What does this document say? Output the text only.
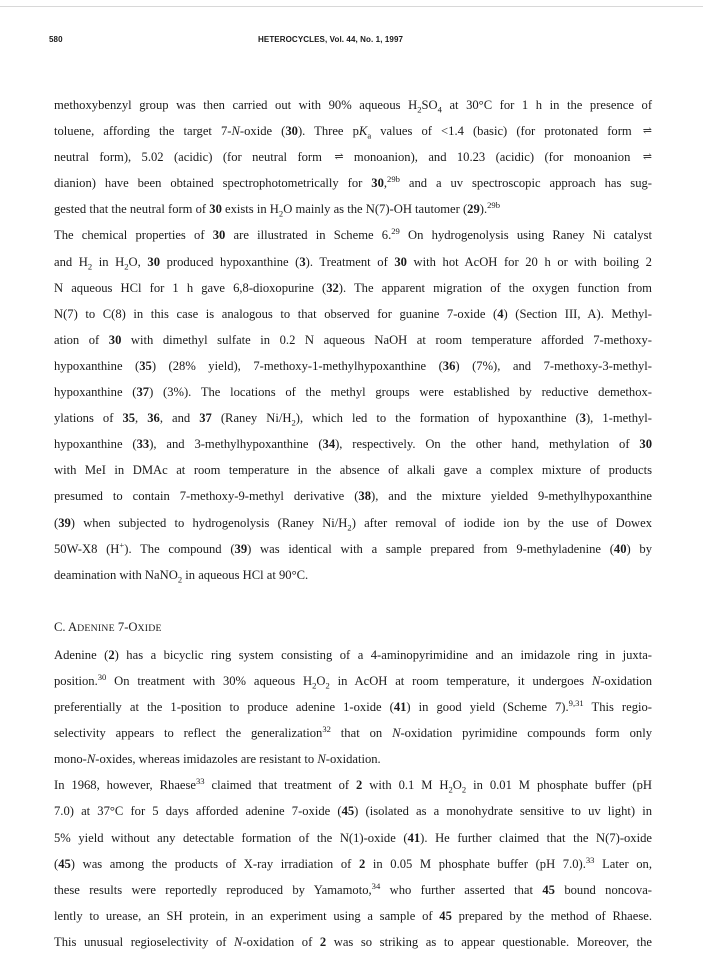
580	HETEROCYCLES, Vol. 44, No. 1, 1997
methoxybenzyl group was then carried out with 90% aqueous $H_2SO_4$ at 30°C for 1 h in the presence of
toluene, affording the target 7-N-oxide (30). Three $pK_a$ values of <1.4 (basic) (for protonated form ⇌
neutral form), 5.02 (acidic) (for neutral form ⇌ monoanion), and 10.23 (acidic) (for monoanion ⇌
dianion) have been obtained spectrophotometrically for 30,$^{29b}$ and a uv spectroscopic approach has sug-
gested that the neutral form of 30 exists in $H_2O$ mainly as the N(7)-OH tautomer (29).$^{29b}$
The chemical properties of 30 are illustrated in Scheme 6.29 On hydrogenolysis using Raney Ni catalyst
and $H_2$ in $H_2O$, 30 produced hypoxanthine (3). Treatment of 30 with hot AcOH for 20 h or with boiling 2
N aqueous HCl for 1 h gave 6,8-dioxopurine (32). The apparent migration of the oxygen function from
N(7) to C(8) in this case is analogous to that observed for guanine 7-oxide (4) (Section III, A). Methyl-
ation of 30 with dimethyl sulfate in 0.2 N aqueous NaOH at room temperature afforded 7-methoxy-
hypoxanthine (35) (28% yield), 7-methoxy-1-methylhypoxanthine (36) (7%), and 7-methoxy-3-methyl-
hypoxanthine (37) (3%). The locations of the methyl groups were established by reductive demethox-
ylations of 35, 36, and 37 (Raney $Ni/H_2$), which led to the formation of hypoxanthine (3), 1-methyl-
hypoxanthine (33), and 3-methylhypoxanthine (34), respectively. On the other hand, methylation of 30
with MeI in DMAc at room temperature in the absence of alkali gave a complex mixture of products
presumed to contain 7-methoxy-9-methyl derivative (38), and the mixture yielded 9-methylhypoxanthine
(39) when subjected to hydrogenolysis (Raney $Ni/H_2$) after removal of iodide ion by the use of Dowex
50W-X8 (H+). The compound (39) was identical with a sample prepared from 9-methyladenine (40) by
deamination with NaNO$_2$ in aqueous HCl at 90°C.
C. ADENINE 7-OXIDE
Adenine (2) has a bicyclic ring system consisting of a 4-aminopyrimidine and an imidazole ring in juxta-
position.$^{30}$ On treatment with 30% aqueous $H_2O_2$ in AcOH at room temperature, it undergoes N-oxidation
preferentially at the 1-position to produce adenine 1-oxide (41) in good yield (Scheme 7).$^{9,31}$ This regio-
selectivity appears to reflect the generalization$^{32}$ that on N-oxidation pyrimidine compounds form only
mono-N-oxides, whereas imidazoles are resistant to N-oxidation.
In 1968, however, Rhaese$^{33}$ claimed that treatment of 2 with 0.1 M $H_2O_2$ in 0.01 M phosphate buffer (pH
7.0) at 37°C for 5 days afforded adenine 7-oxide (45) (isolated as a monohydrate sensitive to uv light) in
5% yield without any detectable formation of the N(1)-oxide (41). He further claimed that the N(7)-oxide
(45) was among the products of X-ray irradiation of 2 in 0.05 M phosphate buffer (pH 7.0).$^{33}$ Later on,
these results were reportedly reproduced by Yamamoto,$^{34}$ who further asserted that 45 bound noncova-
lently to urease, an SH protein, in an experiment using a sample of 45 prepared by the method of Rhaese.
This unusual regioselectivity of N-oxidation of 2 was so striking as to appear questionable. Moreover, the
